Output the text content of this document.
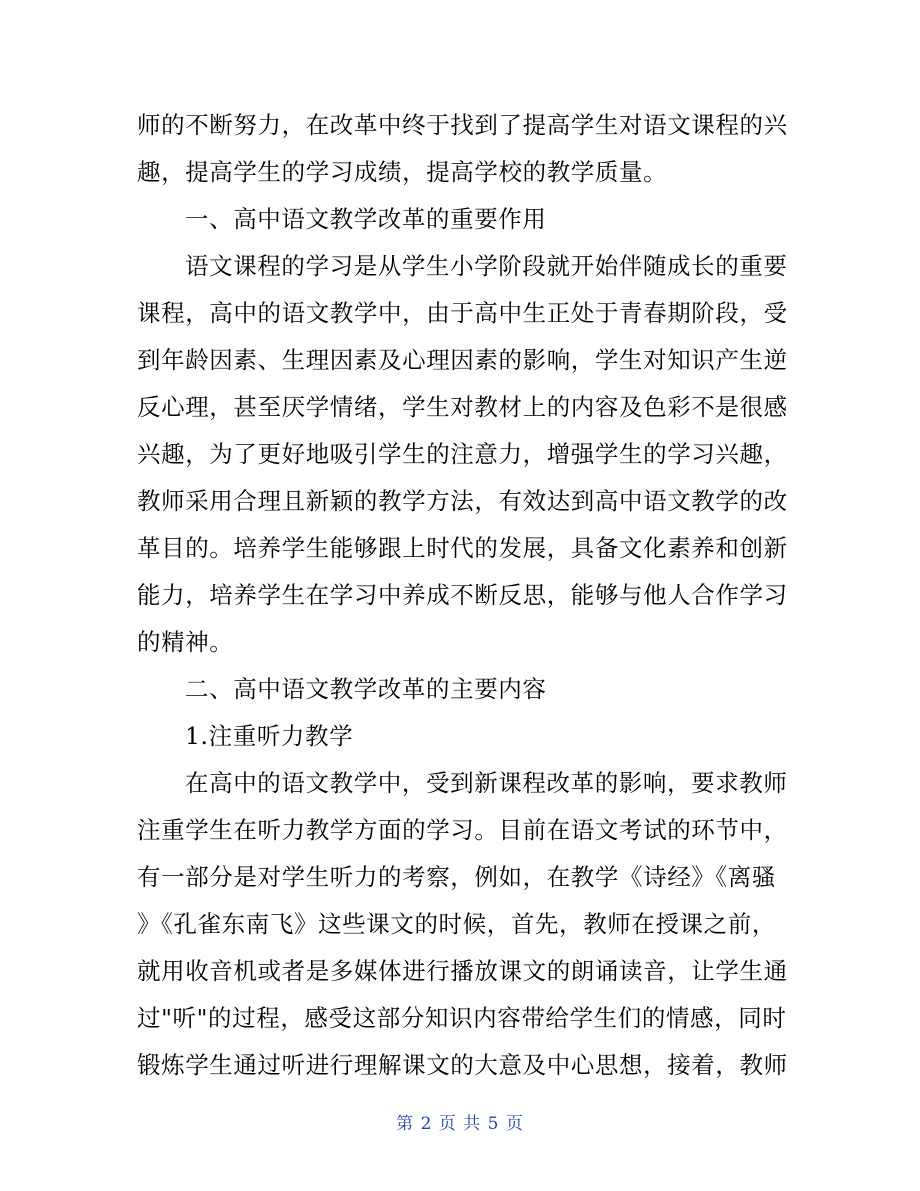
师的不断努力，在改革中终于找到了提高学生对语文课程的兴
趣，提高学生的学习成绩，提高学校的教学质量。
一、高中语文教学改革的重要作用
语文课程的学习是从学生小学阶段就开始伴随成长的重要
课程，高中的语文教学中，由于高中生正处于青春期阶段，受
到年龄因素、生理因素及心理因素的影响，学生对知识产生逆
反心理，甚至厌学情绪，学生对教材上的内容及色彩不是很感
兴趣，为了更好地吸引学生的注意力，增强学生的学习兴趣，
教师采用合理且新颖的教学方法，有效达到高中语文教学的改
革目的。培养学生能够跟上时代的发展，具备文化素养和创新
能力，培养学生在学习中养成不断反思，能够与他人合作学习
的精神。
二、高中语文教学改革的主要内容
1.注重听力教学
在高中的语文教学中，受到新课程改革的影响，要求教师
注重学生在听力教学方面的学习。目前在语文考试的环节中，
有一部分是对学生听力的考察，例如，在教学《诗经》《离骚
》《孔雀东南飞》这些课文的时候，首先，教师在授课之前，
就用收音机或者是多媒体进行播放课文的朗诵读音，让学生通
过"听"的过程，感受这部分知识内容带给学生们的情感，同时
锻炼学生通过听进行理解课文的大意及中心思想，接着，教师
第 2 页 共 5 页
